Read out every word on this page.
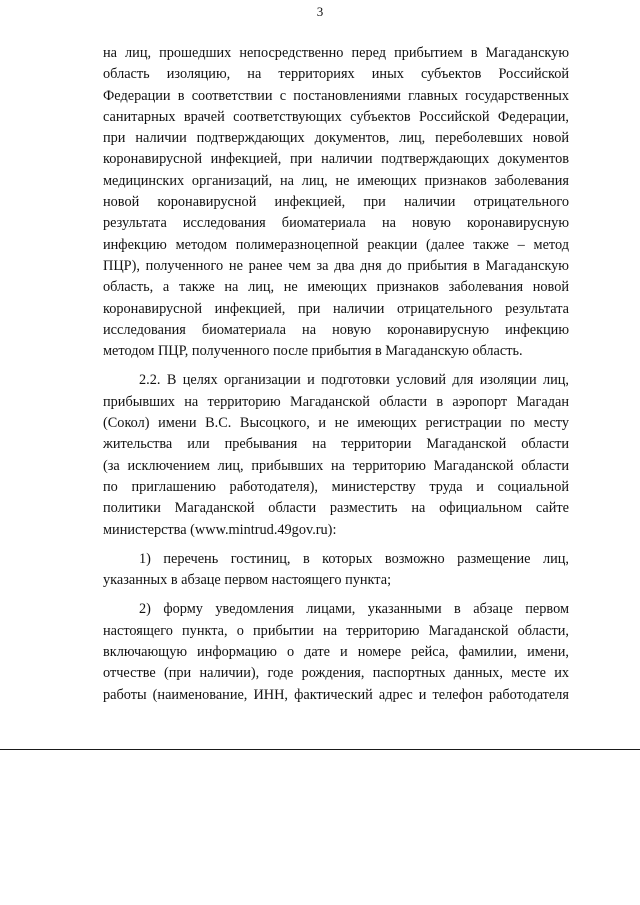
3
на лиц, прошедших непосредственно перед прибытием в Магаданскую
область изоляцию, на территориях иных субъектов Российской
Федерации в соответствии с постановлениями главных государственных
санитарных врачей соответствующих субъектов Российской Федерации,
при наличии подтверждающих документов, лиц, переболевших новой
коронавирусной инфекцией, при наличии подтверждающих документов
медицинских организаций, на лиц, не имеющих признаков заболевания
новой коронавирусной инфекцией, при наличии отрицательного
результата исследования биоматериала на новую коронавирусную
инфекцию методом полимеразноцепной реакции (далее также – метод
ПЦР), полученного не ранее чем за два дня до прибытия в Магаданскую
область, а также на лиц, не имеющих признаков заболевания новой
коронавирусной инфекцией, при наличии отрицательного результата
исследования биоматериала на новую коронавирусную инфекцию
методом ПЦР, полученного после прибытия в Магаданскую область.
2.2. В целях организации и подготовки условий для изоляции лиц,
прибывших на территорию Магаданской области в аэропорт Магадан
(Сокол) имени В.С. Высоцкого, и не имеющих регистрации по месту
жительства или пребывания на территории Магаданской области
(за исключением лиц, прибывших на территорию Магаданской области
по приглашению работодателя), министерству труда и социальной
политики Магаданской области разместить на официальном сайте
министерства (www.mintrud.49gov.ru):
1) перечень гостиниц, в которых возможно размещение лиц,
указанных в абзаце первом настоящего пункта;
2) форму уведомления лицами, указанными в абзаце первом
настоящего пункта, о прибытии на территорию Магаданской области,
включающую информацию о дате и номере рейса, фамилии, имени,
отчестве (при наличии), годе рождения, паспортных данных, месте их
работы (наименование, ИНН, фактический адрес и телефон работодателя
